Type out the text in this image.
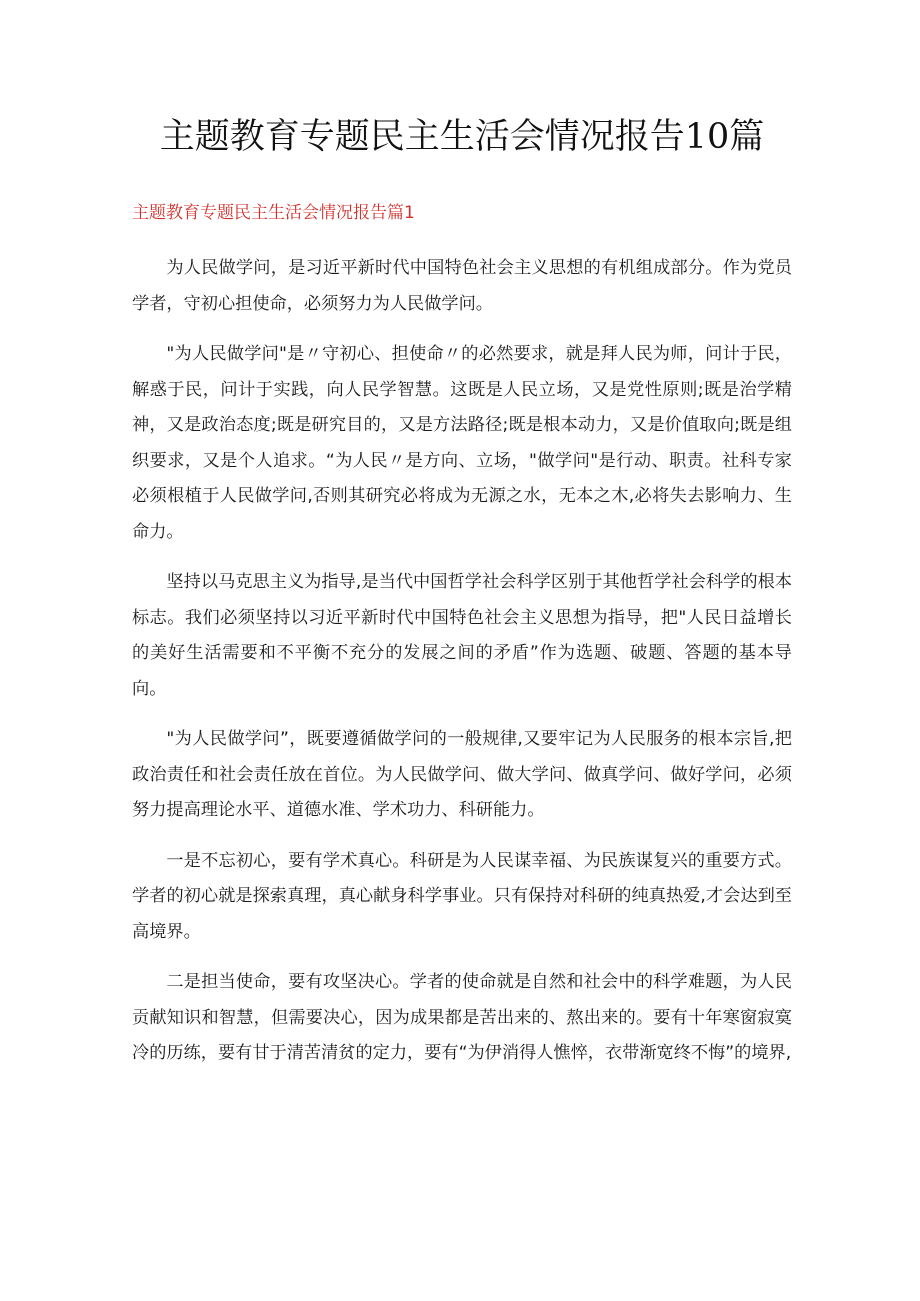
主题教育专题民主生活会情况报告10篇
主题教育专题民主生活会情况报告篇1

为人民做学问，是习近平新时代中国特色社会主义思想的有机组成部分。作为党员学者，守初心担使命，必须努力为人民做学问。

"为人民做学问"是〃守初心、担使命〃的必然要求，就是拜人民为师，问计于民，解惑于民，问计于实践，向人民学智慧。这既是人民立场，又是党性原则;既是治学精神，又是政治态度;既是研究目的，又是方法路径;既是根本动力，又是价值取向;既是组织要求，又是个人追求。“为人民〃是方向、立场，"做学问"是行动、职责。社科专家必须根植于人民做学问,否则其研究必将成为无源之水，无本之木,必将失去影响力、生命力。

坚持以马克思主义为指导,是当代中国哲学社会科学区别于其他哲学社会科学的根本标志。我们必须坚持以习近平新时代中国特色社会主义思想为指导，把"人民日益增长的美好生活需要和不平衡不充分的发展之间的矛盾”作为选题、破题、答题的基本导向。

"为人民做学问”，既要遵循做学问的一般规律,又要牢记为人民服务的根本宗旨,把政治责任和社会责任放在首位。为人民做学问、做大学问、做真学问、做好学问，必须努力提高理论水平、道德水准、学术功力、科研能力。

一是不忘初心，要有学术真心。科研是为人民谋幸福、为民族谋复兴的重要方式。学者的初心就是探索真理，真心献身科学事业。只有保持对科研的纯真热爱,才会达到至高境界。

二是担当使命，要有攻坚决心。学者的使命就是自然和社会中的科学难题，为人民贡献知识和智慧，但需要决心，因为成果都是苦出来的、熬出来的。要有十年寒窗寂寞冷的历练，要有甘于清苦清贫的定力，要有“为伊消得人憔悴，衣带渐宽终不悔”的境界,
